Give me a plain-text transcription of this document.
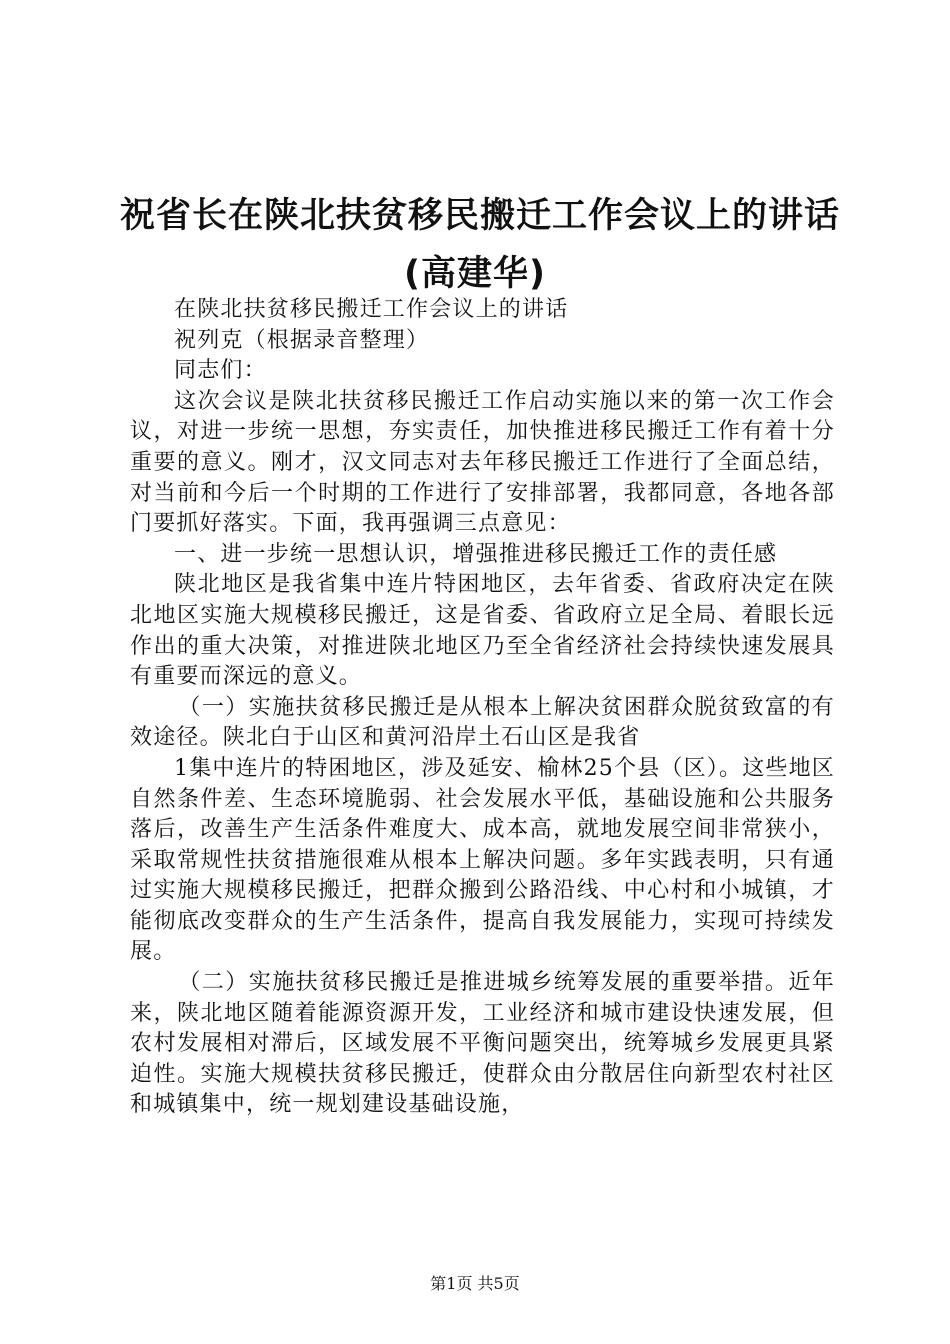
祝省长在陕北扶贫移民搬迁工作会议上的讲话
(高建华)

在陕北扶贫移民搬迁工作会议上的讲话

祝列克（根据录音整理）

同志们：

这次会议是陕北扶贫移民搬迁工作启动实施以来的第一次工作会议，对进一步统一思想，夯实责任，加快推进移民搬迁工作有着十分重要的意义。刚才，汉文同志对去年移民搬迁工作进行了全面总结，对当前和今后一个时期的工作进行了安排部署，我都同意，各地各部门要抓好落实。下面，我再强调三点意见：

一、进一步统一思想认识，增强推进移民搬迁工作的责任感

陕北地区是我省集中连片特困地区，去年省委、省政府决定在陕北地区实施大规模移民搬迁，这是省委、省政府立足全局、着眼长远作出的重大决策，对推进陕北地区乃至全省经济社会持续快速发展具有重要而深远的意义。

（一）实施扶贫移民搬迁是从根本上解决贫困群众脱贫致富的有效途径。陕北白于山区和黄河沿岸土石山区是我省

1集中连片的特困地区，涉及延安、榆林25个县（区）。这些地区自然条件差、生态环境脆弱、社会发展水平低，基础设施和公共服务落后，改善生产生活条件难度大、成本高，就地发展空间非常狭小，采取常规性扶贫措施很难从根本上解决问题。多年实践表明，只有通过实施大规模移民搬迁，把群众搬到公路沿线、中心村和小城镇，才能彻底改变群众的生产生活条件，提高自我发展能力，实现可持续发展。

（二）实施扶贫移民搬迁是推进城乡统筹发展的重要举措。近年来，陕北地区随着能源资源开发，工业经济和城市建设快速发展，但农村发展相对滞后，区域发展不平衡问题突出，统筹城乡发展更具紧迫性。实施大规模扶贫移民搬迁，使群众由分散居住向新型农村社区和城镇集中，统一规划建设基础设施，

第1页 共5页
